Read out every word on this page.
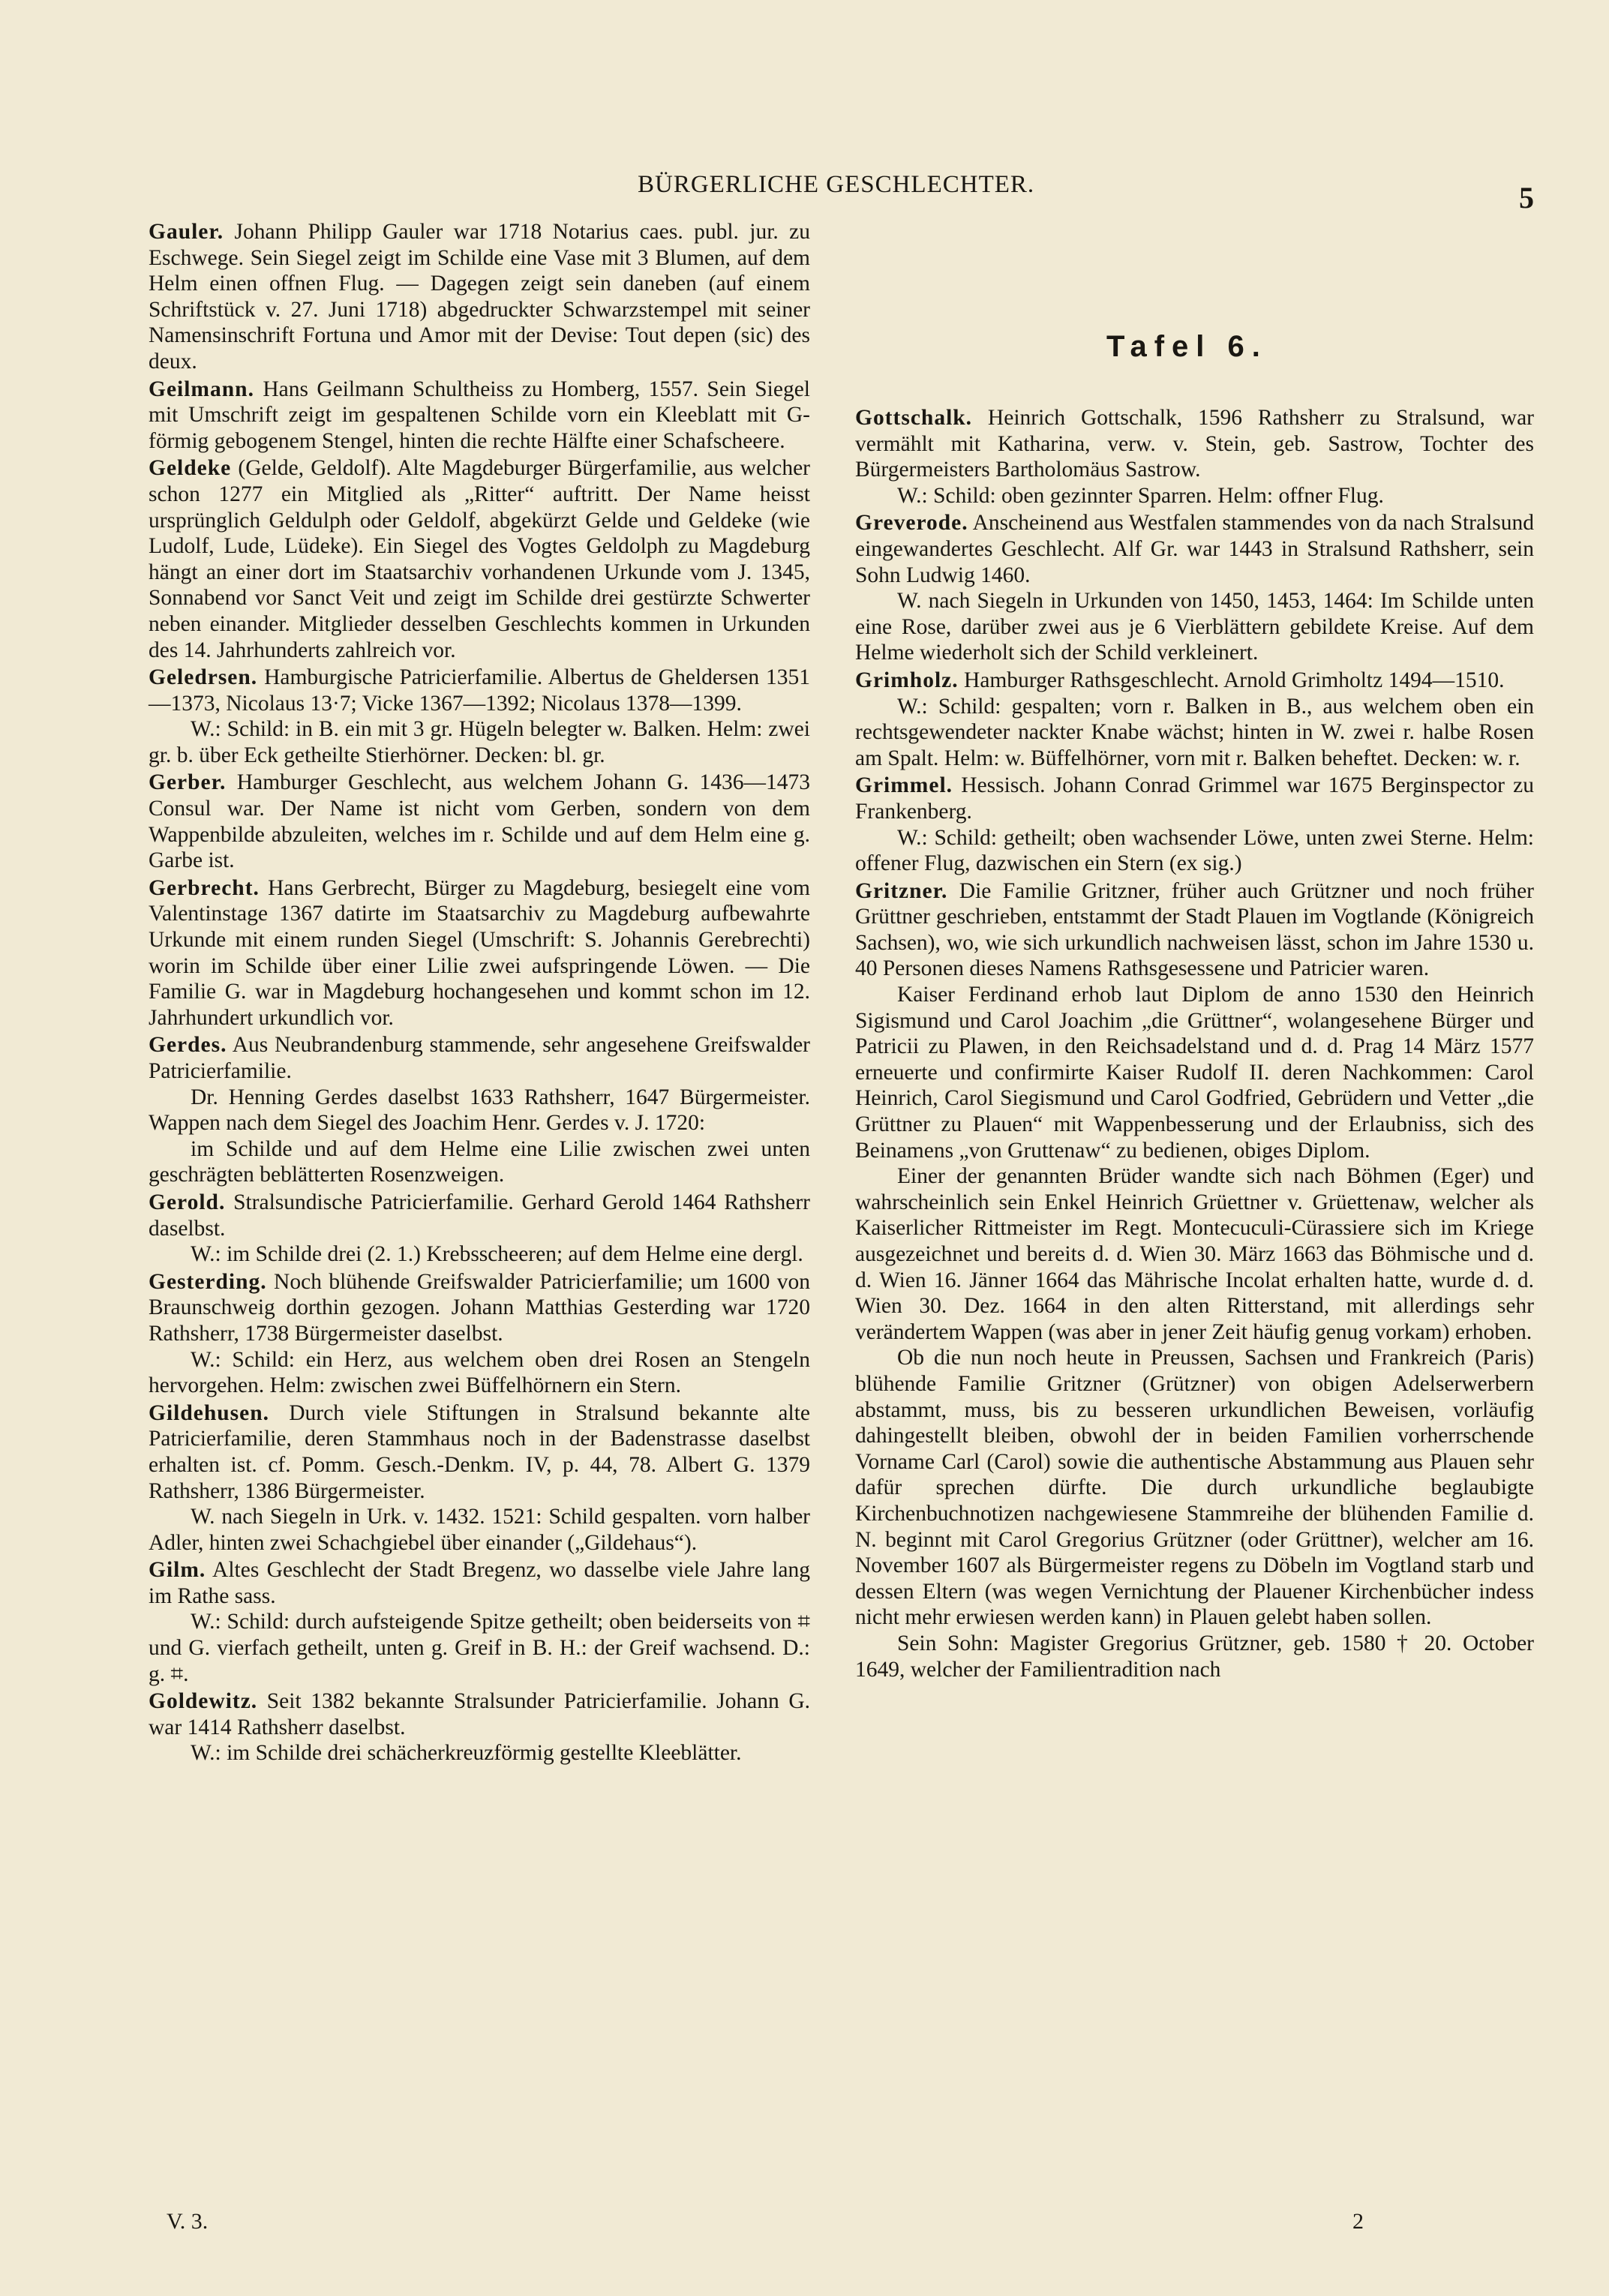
BÜRGERLICHE GESCHLECHTER.	5

Gauler. Johann Philipp Gauler war 1718 Notarius caes. publ. jur. zu Eschwege. Sein Siegel zeigt im Schilde eine Vase mit 3 Blumen, auf dem Helm einen offnen Flug. — Dagegen zeigt sein daneben (auf einem Schriftstück v. 27. Juni 1718) abgedruckter Schwarzstempel mit seiner Namensinschrift Fortuna und Amor mit der Devise: Tout depen (sic) des deux.

Geilmann. Hans Geilmann Schultheiss zu Homberg, 1557. Sein Siegel mit Umschrift zeigt im gespaltenen Schilde vorn ein Kleeblatt mit G-förmig gebogenem Stengel, hinten die rechte Hälfte einer Schafscheere.

Geldeke (Gelde, Geldolf). Alte Magdeburger Bürgerfamilie, aus welcher schon 1277 ein Mitglied als „Ritter“ auftritt. Der Name heisst ursprünglich Geldulph oder Geldolf, abgekürzt Gelde und Geldeke (wie Ludolf, Lude, Lüdeke). Ein Siegel des Vogtes Geldolph zu Magdeburg hängt an einer dort im Staatsarchiv vorhandenen Urkunde vom J. 1345, Sonnabend vor Sanct Veit und zeigt im Schilde drei gestürzte Schwerter neben einander. Mitglieder desselben Geschlechts kommen in Urkunden des 14. Jahrhunderts zahlreich vor.

Geledrsen. Hamburgische Patricierfamilie. Albertus de Gheldersen 1351—1373, Nicolaus 13·7; Vicke 1367—1392; Nicolaus 1378—1399.

W.: Schild: in B. ein mit 3 gr. Hügeln belegter w. Balken. Helm: zwei gr. b. über Eck getheilte Stierhörner. Decken: bl. gr.

Gerber. Hamburger Geschlecht, aus welchem Johann G. 1436—1473 Consul war. Der Name ist nicht vom Gerben, sondern von dem Wappenbilde abzuleiten, welches im r. Schilde und auf dem Helm eine g. Garbe ist.

Gerbrecht. Hans Gerbrecht, Bürger zu Magdeburg, besiegelt eine vom Valentinstage 1367 datirte im Staatsarchiv zu Magdeburg aufbewahrte Urkunde mit einem runden Siegel (Umschrift: S. Johannis Gerebrechti) worin im Schilde über einer Lilie zwei aufspringende Löwen. — Die Familie G. war in Magdeburg hochangesehen und kommt schon im 12. Jahrhundert urkundlich vor.

Gerdes. Aus Neubrandenburg stammende, sehr angesehene Greifswalder Patricierfamilie.

Dr. Henning Gerdes daselbst 1633 Rathsherr, 1647 Bürgermeister. Wappen nach dem Siegel des Joachim Henr. Gerdes v. J. 1720:

im Schilde und auf dem Helme eine Lilie zwischen zwei unten geschrägten beblätterten Rosenzweigen.

Gerold. Stralsundische Patricierfamilie. Gerhard Gerold 1464 Rathsherr daselbst.

W.: im Schilde drei (2. 1.) Krebsscheeren; auf dem Helme eine dergl.

Gesterding. Noch blühende Greifswalder Patricierfamilie; um 1600 von Braunschweig dorthin gezogen. Johann Matthias Gesterding war 1720 Rathsherr, 1738 Bürgermeister daselbst.

W.: Schild: ein Herz, aus welchem oben drei Rosen an Stengeln hervorgehen. Helm: zwischen zwei Büffelhörnern ein Stern.

Gildehusen. Durch viele Stiftungen in Stralsund bekannte alte Patricierfamilie, deren Stammhaus noch in der Badenstrasse daselbst erhalten ist. cf. Pomm. Gesch.-Denkm. IV, p. 44, 78. Albert G. 1379 Rathsherr, 1386 Bürgermeister.

W. nach Siegeln in Urk. v. 1432. 1521: Schild gespalten. vorn halber Adler, hinten zwei Schachgiebel über einander („Gildehaus“).

Gilm. Altes Geschlecht der Stadt Bregenz, wo dasselbe viele Jahre lang im Rathe sass.

W.: Schild: durch aufsteigende Spitze getheilt; oben beiderseits von ⌗ und G. vierfach getheilt, unten g. Greif in B. H.: der Greif wachsend. D.: g. ⌗.

Goldewitz. Seit 1382 bekannte Stralsunder Patricierfamilie. Johann G. war 1414 Rathsherr daselbst.

W.: im Schilde drei schächerkreuzförmig gestellte Kleeblätter.

Tafel 6.

Gottschalk. Heinrich Gottschalk, 1596 Rathsherr zu Stralsund, war vermählt mit Katharina, verw. v. Stein, geb. Sastrow, Tochter des Bürgermeisters Bartholomäus Sastrow.

W.: Schild: oben gezinnter Sparren. Helm: offner Flug.

Greverode. Anscheinend aus Westfalen stammendes von da nach Stralsund eingewandertes Geschlecht. Alf Gr. war 1443 in Stralsund Rathsherr, sein Sohn Ludwig 1460.

W. nach Siegeln in Urkunden von 1450, 1453, 1464: Im Schilde unten eine Rose, darüber zwei aus je 6 Vierblättern gebildete Kreise. Auf dem Helme wiederholt sich der Schild verkleinert.

Grimholz. Hamburger Rathsgeschlecht. Arnold Grimholtz 1494—1510.

W.: Schild: gespalten; vorn r. Balken in B., aus welchem oben ein rechtsgewendeter nackter Knabe wächst; hinten in W. zwei r. halbe Rosen am Spalt. Helm: w. Büffelhörner, vorn mit r. Balken beheftet. Decken: w. r.

Grimmel. Hessisch. Johann Conrad Grimmel war 1675 Berginspector zu Frankenberg.

W.: Schild: getheilt; oben wachsender Löwe, unten zwei Sterne. Helm: offener Flug, dazwischen ein Stern (ex sig.)

Gritzner. Die Familie Gritzner, früher auch Grützner und noch früher Grüttner geschrieben, entstammt der Stadt Plauen im Vogtlande (Königreich Sachsen), wo, wie sich urkundlich nachweisen lässt, schon im Jahre 1530 u. 40 Personen dieses Namens Rathsgesessene und Patricier waren.

Kaiser Ferdinand erhob laut Diplom de anno 1530 den Heinrich Sigismund und Carol Joachim „die Grüttner“, wolangesehene Bürger und Patricii zu Plawen, in den Reichsadelstand und d. d. Prag 14 März 1577 erneuerte und confirmirte Kaiser Rudolf II. deren Nachkommen: Carol Heinrich, Carol Siegismund und Carol Godfried, Gebrüdern und Vetter „die Grüttner zu Plauen“ mit Wappenbesserung und der Erlaubniss, sich des Beinamens „von Gruttenaw“ zu bedienen, obiges Diplom.

Einer der genannten Brüder wandte sich nach Böhmen (Eger) und wahrscheinlich sein Enkel Heinrich Grüettner v. Grüettenaw, welcher als Kaiserlicher Rittmeister im Regt. Montecuculi-Cürassiere sich im Kriege ausgezeichnet und bereits d. d. Wien 30. März 1663 das Böhmische und d. d. Wien 16. Jänner 1664 das Mährische Incolat erhalten hatte, wurde d. d. Wien 30. Dez. 1664 in den alten Ritterstand, mit allerdings sehr verändertem Wappen (was aber in jener Zeit häufig genug vorkam) erhoben.

Ob die nun noch heute in Preussen, Sachsen und Frankreich (Paris) blühende Familie Gritzner (Grützner) von obigen Adelserwerbern abstammt, muss, bis zu besseren urkundlichen Beweisen, vorläufig dahingestellt bleiben, obwohl der in beiden Familien vorherrschende Vorname Carl (Carol) sowie die authentische Abstammung aus Plauen sehr dafür sprechen dürfte. Die durch urkundliche beglaubigte Kirchenbuchnotizen nachgewiesene Stammreihe der blühenden Familie d. N. beginnt mit Carol Gregorius Grützner (oder Grüttner), welcher am 16. November 1607 als Bürgermeister regens zu Döbeln im Vogtland starb und dessen Eltern (was wegen Vernichtung der Plauener Kirchenbücher indess nicht mehr erwiesen werden kann) in Plauen gelebt haben sollen.

Sein Sohn: Magister Gregorius Grützner, geb. 1580 † 20. October 1649, welcher der Familientradition nach

V. 3.	2
